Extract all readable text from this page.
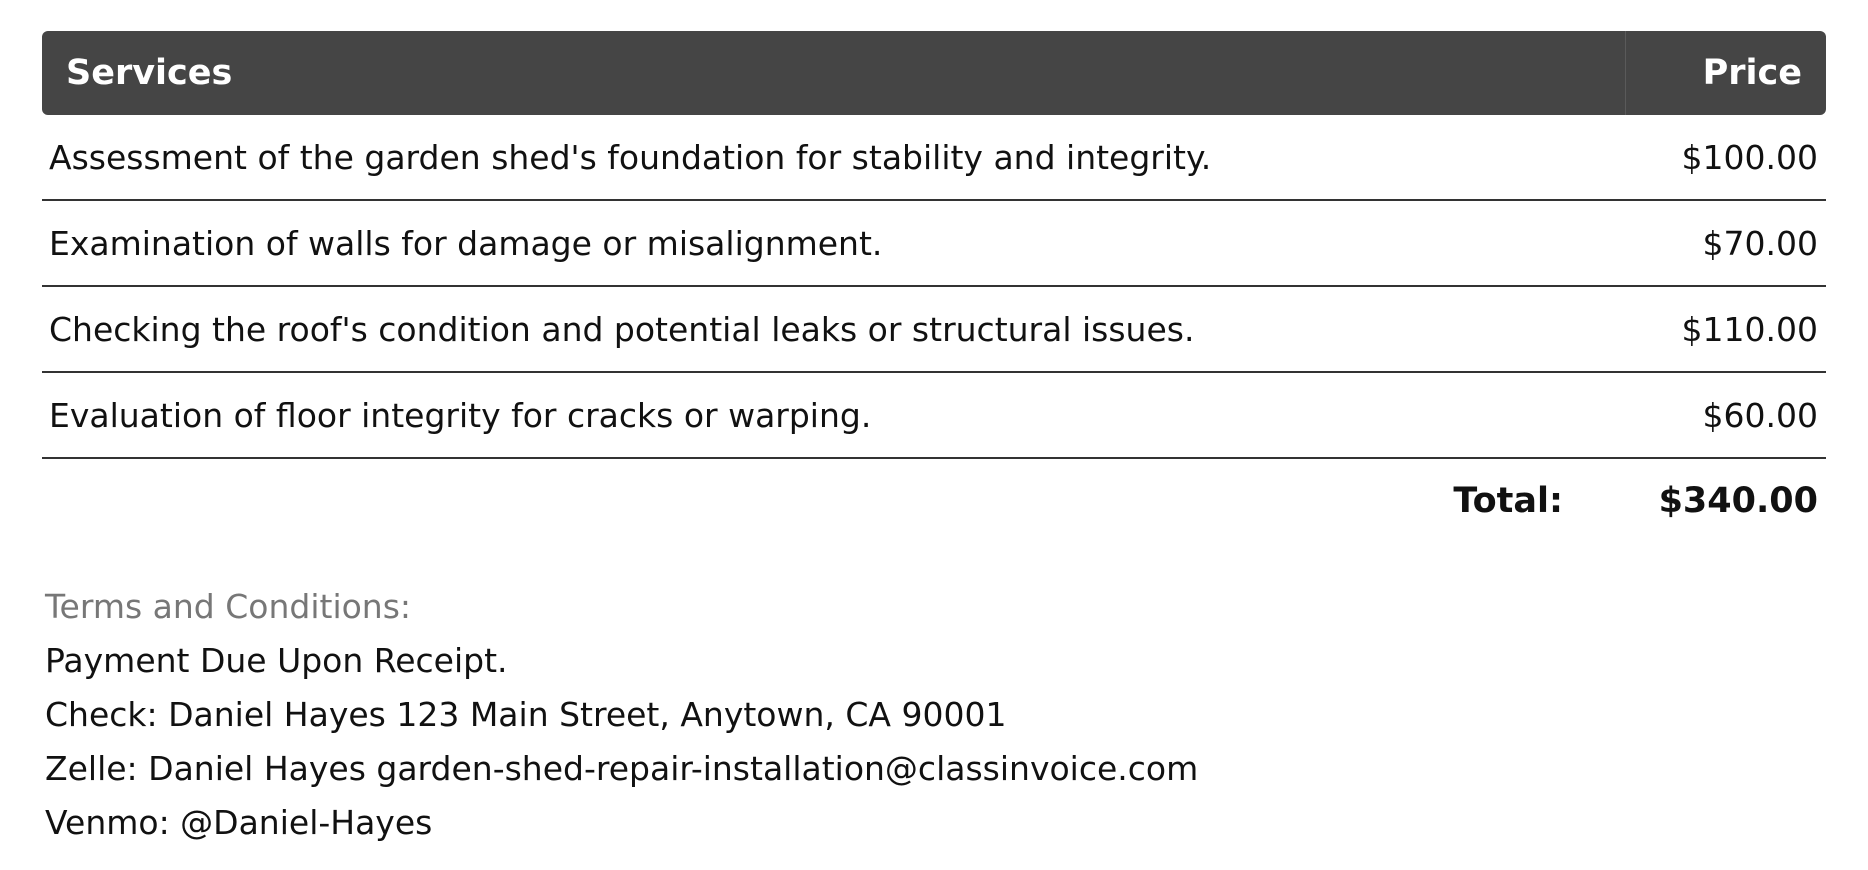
Services	Price
Assessment of the garden shed's foundation for stability and integrity.	$100.00
Examination of walls for damage or misalignment.	$70.00
Checking the roof's condition and potential leaks or structural issues.	$110.00
Evaluation of floor integrity for cracks or warping.	$60.00
Total:	$340.00
Terms and Conditions:
Payment Due Upon Receipt.
Check: Daniel Hayes 123 Main Street, Anytown, CA 90001
Zelle: Daniel Hayes garden-shed-repair-installation@classinvoice.com
Venmo: @Daniel-Hayes
